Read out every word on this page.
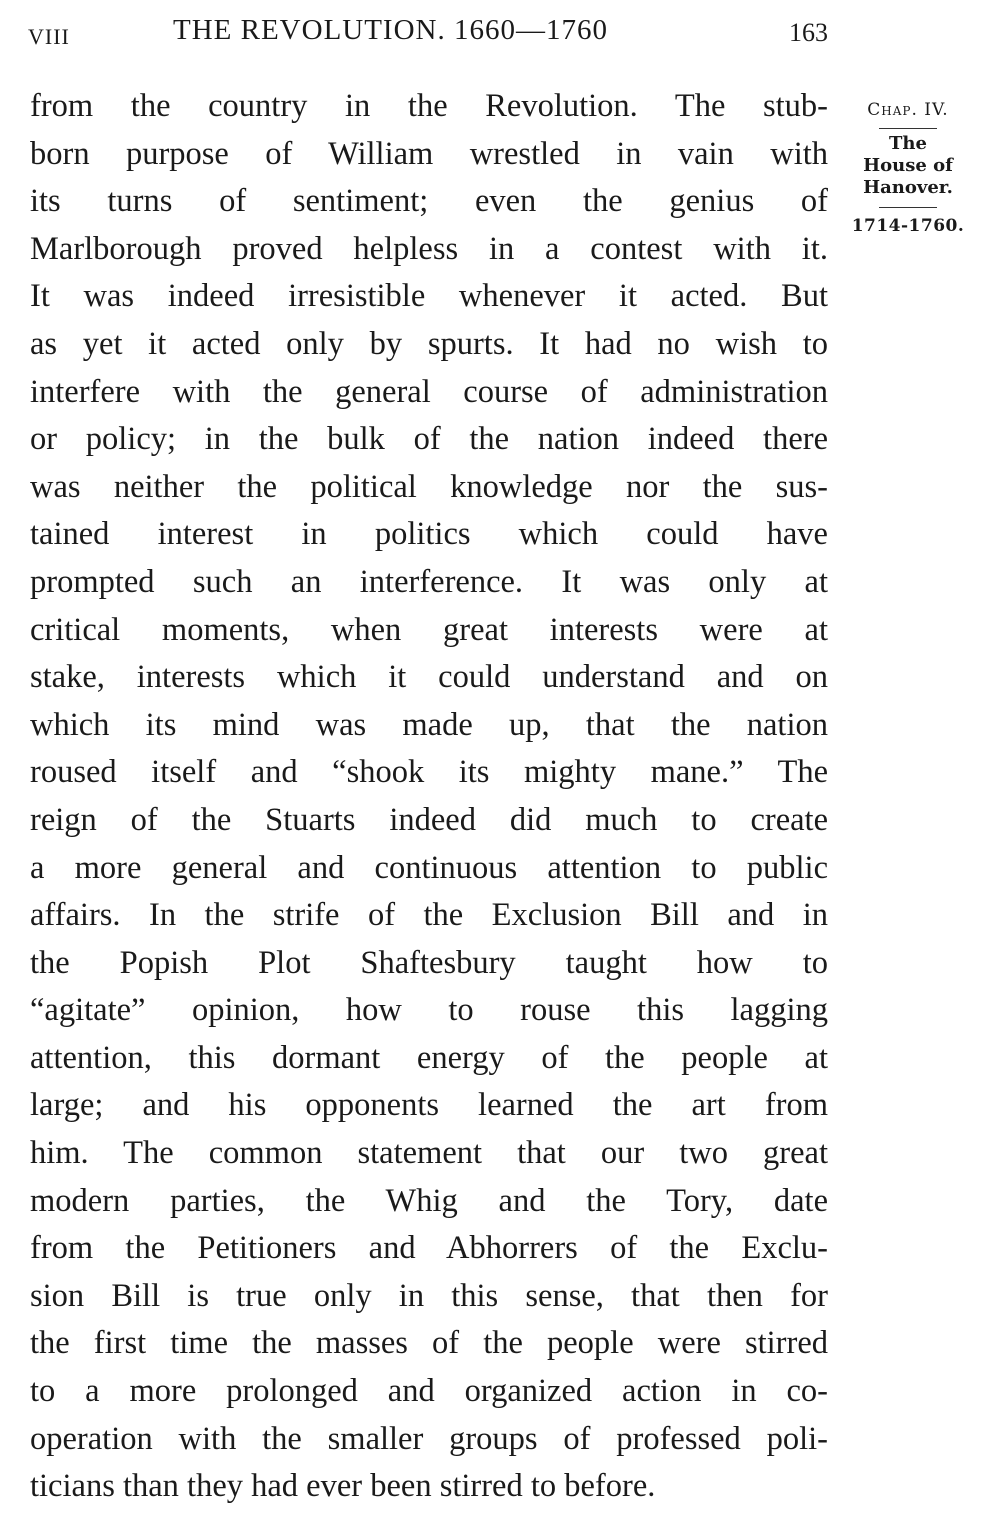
VIII	THE REVOLUTION. 1660—1760	163
from the country in the Revolution. The stub-
born purpose of William wrestled in vain with
its turns of sentiment; even the genius of
Marlborough proved helpless in a contest with it.
It was indeed irresistible whenever it acted. But
as yet it acted only by spurts. It had no wish to
interfere with the general course of administration
or policy; in the bulk of the nation indeed there
was neither the political knowledge nor the sus-
tained interest in politics which could have
prompted such an interference. It was only at
critical moments, when great interests were at
stake, interests which it could understand and on
which its mind was made up, that the nation
roused itself and “shook its mighty mane.” The
reign of the Stuarts indeed did much to create
a more general and continuous attention to public
affairs. In the strife of the Exclusion Bill and in
the Popish Plot Shaftesbury taught how to
“agitate” opinion, how to rouse this lagging
attention, this dormant energy of the people at
large; and his opponents learned the art from
him. The common statement that our two great
modern parties, the Whig and the Tory, date
from the Petitioners and Abhorrers of the Exclu-
sion Bill is true only in this sense, that then for
the first time the masses of the people were stirred
to a more prolonged and organized action in co-
operation with the smaller groups of professed poli-
ticians than they had ever been stirred to before.
Chap. IV.
The
House of
Hanover.
1714-1760.
